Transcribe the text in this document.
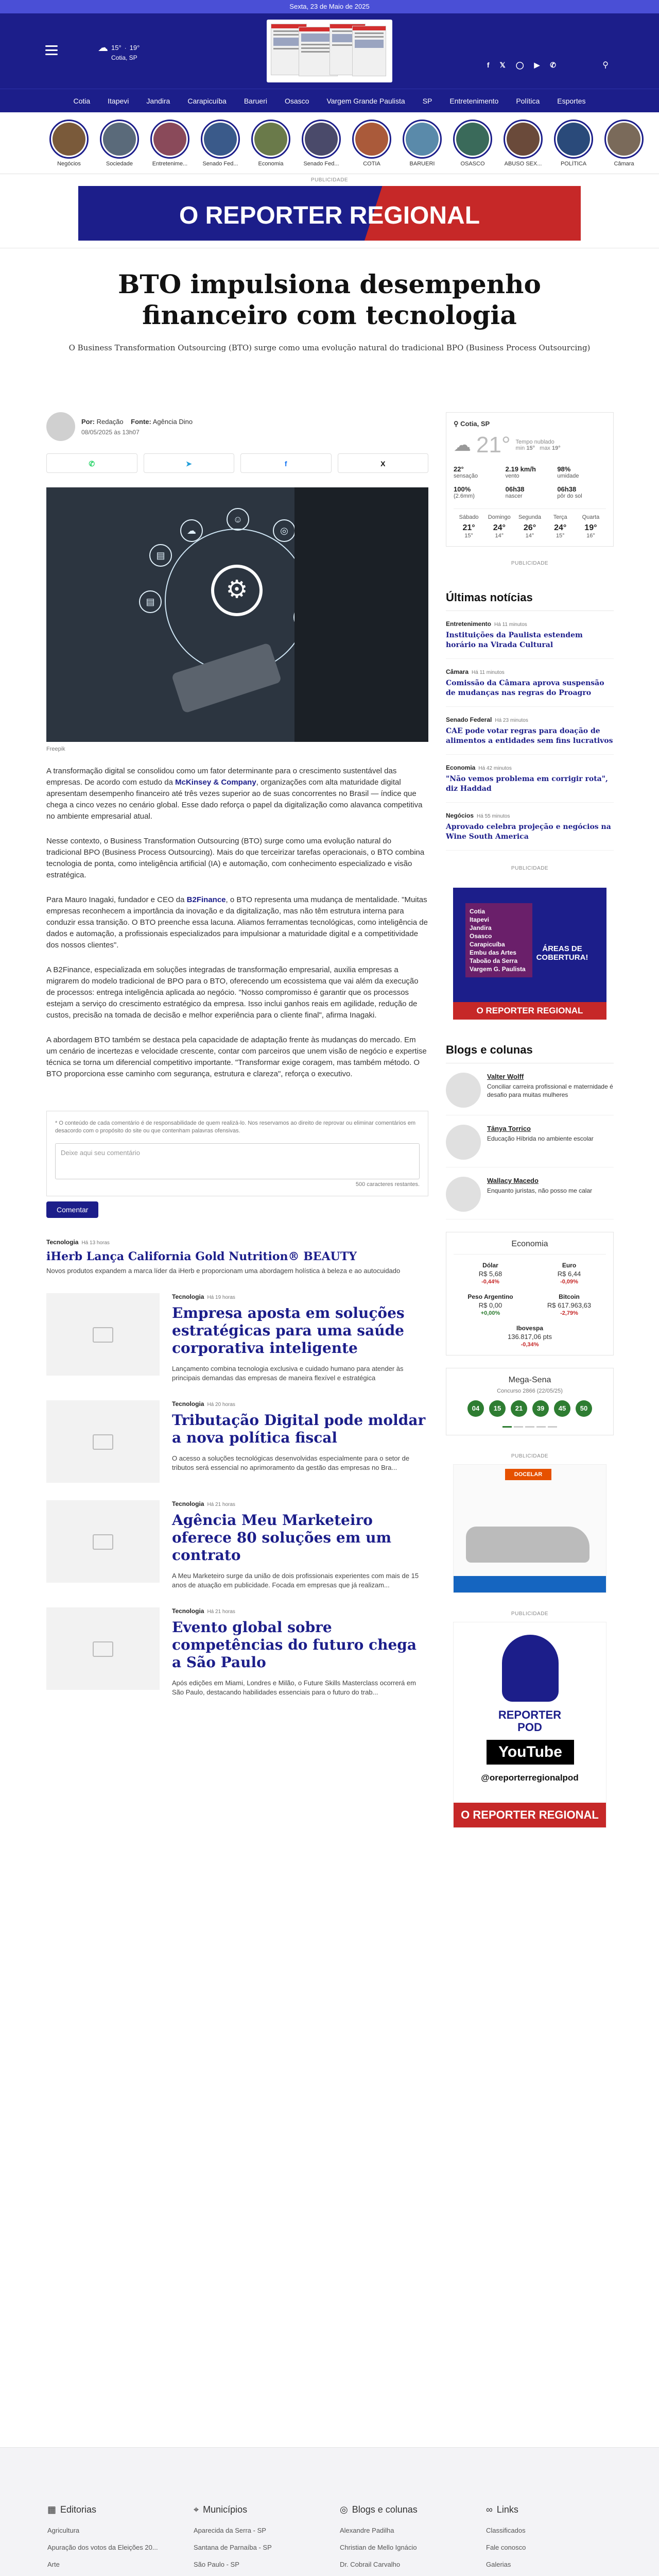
Sexta, 23 de Maio de 2025
☁ 15° · 19°
Cotia, SP
f 𝕏 ◯ ▶ ✆	⚲
Cotia Itapevi Jandira Carapicuíba Barueri Osasco Vargem Grande Paulista SP Entretenimento Política Esportes
Negócios	Sociedade	Entretenime...	Senado Fed...	Economia	Senado Fed...	COTIA	BARUERI	OSASCO	ABUSO SEX...	POLÍTICA	Câmara
PUBLICIDADE
O REPORTER REGIONAL
BTO impulsiona desempenho financeiro com tecnologia

O Business Transformation Outsourcing (BTO) surge como uma evolução natural do tradicional BPO (Business Process Outsourcing)

Por: Redação Fonte: Agência Dino
08/05/2025 às 13h07
✆	➤	f	X
▤
☁
☺
◎
▤	⚙
Freepik

A transformação digital se consolidou como um fator determinante para o crescimento sustentável das empresas. De acordo com estudo da McKinsey & Company, organizações com alta maturidade digital apresentam desempenho financeiro até três vezes superior ao de suas concorrentes no Brasil — índice que chega a cinco vezes no cenário global. Esse dado reforça o papel da digitalização como alavanca competitiva no ambiente empresarial atual.

Nesse contexto, o Business Transformation Outsourcing (BTO) surge como uma evolução natural do tradicional BPO (Business Process Outsourcing). Mais do que terceirizar tarefas operacionais, o BTO combina tecnologia de ponta, como inteligência artificial (IA) e automação, com conhecimento especializado e visão estratégica.

Para Mauro Inagaki, fundador e CEO da B2Finance, o BTO representa uma mudança de mentalidade. "Muitas empresas reconhecem a importância da inovação e da digitalização, mas não têm estrutura interna para conduzir essa transição. O BTO preenche essa lacuna. Aliamos ferramentas tecnológicas, como inteligência de dados e automação, a profissionais especializados para impulsionar a maturidade digital e a competitividade dos nossos clientes".

A B2Finance, especializada em soluções integradas de transformação empresarial, auxilia empresas a migrarem do modelo tradicional de BPO para o BTO, oferecendo um ecossistema que vai além da execução de processos: entrega inteligência aplicada ao negócio. "Nosso compromisso é garantir que os processos estejam a serviço do crescimento estratégico da empresa. Isso inclui ganhos reais em agilidade, redução de custos, precisão na tomada de decisão e melhor experiência para o cliente final", afirma Inagaki.

A abordagem BTO também se destaca pela capacidade de adaptação frente às mudanças do mercado. Em um cenário de incertezas e velocidade crescente, contar com parceiros que unem visão de negócio e expertise técnica se torna um diferencial competitivo importante. "Transformar exige coragem, mas também método. O BTO proporciona esse caminho com segurança, estrutura e clareza", reforça o executivo.

* O conteúdo de cada comentário é de responsabilidade de quem realizá-lo. Nos reservamos ao direito de reprovar ou eliminar comentários em desacordo com o propósito do site ou que contenham palavras ofensivas.
Deixe aqui seu comentário
500 caracteres restantes.
Comentar
Tecnologia Há 13 horas
iHerb Lança California Gold Nutrition® BEAUTY

Novos produtos expandem a marca líder da iHerb e proporcionam uma abordagem holística à beleza e ao autocuidado

Tecnologia Há 19 horas
Empresa aposta em soluções estratégicas para uma saúde corporativa inteligente

Lançamento combina tecnologia exclusiva e cuidado humano para atender às principais demandas das empresas de maneira flexível e estratégica

Tecnologia Há 20 horas
Tributação Digital pode moldar a nova política fiscal

O acesso a soluções tecnológicas desenvolvidas especialmente para o setor de tributos será essencial no aprimoramento da gestão das empresas no Bra...

Tecnologia Há 21 horas
Agência Meu Marketeiro oferece 80 soluções em um contrato

A Meu Marketeiro surge da união de dois profissionais experientes com mais de 15 anos de atuação em publicidade. Focada em empresas que já realizam...

Tecnologia Há 21 horas
Evento global sobre competências do futuro chega a São Paulo

Após edições em Miami, Londres e Milão, o Future Skills Masterclass ocorrerá em São Paulo, destacando habilidades essenciais para o futuro do trab...

⚲ Cotia, SP
☁ 21° Tempo nublado
min 15° max 19°
22°
sensação
2.19 km/h
vento
98%
umidade
100%
(2.6mm)
06h38
nascer
06h38
pôr do sol
Sábado
21°
15°
Domingo
24°
14°
Segunda
26°
14°
Terça
24°
15°
Quarta
19°
16°
PUBLICIDADE
Últimas notícias
Entretenimento Há 11 minutos
Instituições da Paulista estendem horário na Virada Cultural
Câmara Há 11 minutos
Comissão da Câmara aprova suspensão de mudanças nas regras do Proagro
Senado Federal Há 23 minutos
CAE pode votar regras para doação de alimentos a entidades sem fins lucrativos
Economia Há 42 minutos
"Não vemos problema em corrigir rota", diz Haddad
Negócios Há 55 minutos
Aprovado celebra projeção e negócios na Wine South America
PUBLICIDADE
Cotia
Itapevi
Jandira
Osasco
Carapicuíba
Embu das Artes
Taboão da Serra
Vargem G. Paulista
ÁREAS DE COBERTURA!
O REPORTER REGIONAL
Blogs e colunas
Valter Wolff
Conciliar carreira profissional e maternidade é desafio para muitas mulheres
Tânya Torrico
Educação Híbrida no ambiente escolar
Wallacy Macedo
Enquanto juristas, não posso me calar
Economia
Dólar
R$ 5,68
-0,44%
Euro
R$ 6,44
-0,09%
Peso Argentino
R$ 0,00
+0,00%
Bitcoin
R$ 617.963,63
-2,79%
Ibovespa
136.817,06 pts
-0,34%
Mega-Sena
Concurso 2866 (22/05/25)
04	15	21	39	45	50
PUBLICIDADE
DOCELAR
PUBLICIDADE
REPORTER
POD
YouTube
@oreporterregionalpod
O REPORTER REGIONAL
▦ Editorias
Agricultura
Apuração dos votos da Eleições 20...
Arte
⌖ Municípios
Aparecida da Serra - SP
Santana de Parnaíba - SP
São Paulo - SP
◎ Blogs e colunas
Alexandre Padilha
Christian de Mello Ignácio
Dr. Cobrail Carvalho
∞ Links
Classificados
Fale conosco
Galerias
